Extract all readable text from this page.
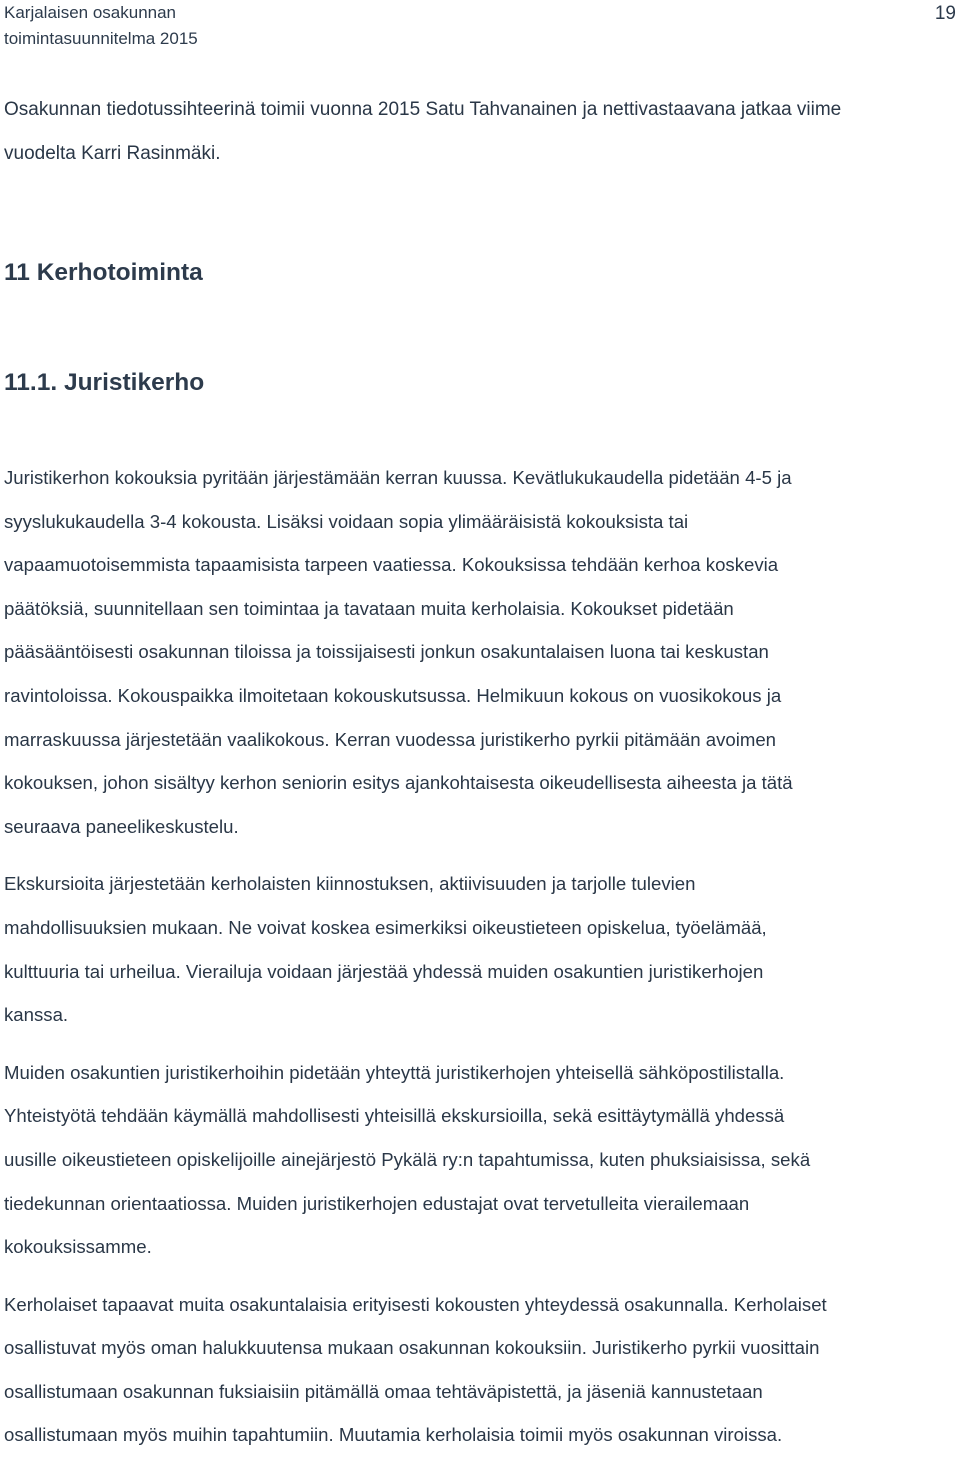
Karjalaisen osakunnan
toimintasuunnitelma 2015
19
Osakunnan tiedotussihteerinä toimii vuonna 2015 Satu Tahvanainen ja nettivastaavana jatkaa viime
vuodelta Karri Rasinmäki.
11 Kerhotoiminta
11.1. Juristikerho
Juristikerhon kokouksia pyritään järjestämään kerran kuussa. Kevätlukukaudella pidetään 4-5 ja
syyslukukaudella 3-4 kokousta. Lisäksi voidaan sopia ylimääräisistä kokouksista tai
vapaamuotoisemmista tapaamisista tarpeen vaatiessa. Kokouksissa tehdään kerhoa koskevia
päätöksiä, suunnitellaan sen toimintaa ja tavataan muita kerholaisia. Kokoukset pidetään
pääsääntöisesti osakunnan tiloissa ja toissijaisesti jonkun osakuntalaisen luona tai keskustan
ravintoloissa. Kokouspaikka ilmoitetaan kokouskutsussa. Helmikuun kokous on vuosikokous ja
marraskuussa järjestetään vaalikokous. Kerran vuodessa juristikerho pyrkii pitämään avoimen
kokouksen, johon sisältyy kerhon seniorin esitys ajankohtaisesta oikeudellisesta aiheesta ja tätä
seuraava paneelikeskustelu.
Ekskursioita järjestetään kerholaisten kiinnostuksen, aktiivisuuden ja tarjolle tulevien
mahdollisuuksien mukaan. Ne voivat koskea esimerkiksi oikeustieteen opiskelua, työelämää,
kulttuuria tai urheilua. Vierailuja voidaan järjestää yhdessä muiden osakuntien juristikerhojen
kanssa.
Muiden osakuntien juristikerhoihin pidetään yhteyttä juristikerhojen yhteisellä sähköpostilistalla.
Yhteistyötä tehdään käymällä mahdollisesti yhteisillä ekskursioilla, sekä esittäytymällä yhdessä
uusille oikeustieteen opiskelijoille ainejärjestö Pykälä ry:n tapahtumissa, kuten phuksiaisissa, sekä
tiedekunnan orientaatiossa. Muiden juristikerhojen edustajat ovat tervetulleita vierailemaan
kokouksissamme.
Kerholaiset tapaavat muita osakuntalaisia erityisesti kokousten yhteydessä osakunnalla. Kerholaiset
osallistuvat myös oman halukkuutensa mukaan osakunnan kokouksiin. Juristikerho pyrkii vuosittain
osallistumaan osakunnan fuksiaisiin pitämällä omaa tehtäväpistettä, ja jäseniä kannustetaan
osallistumaan myös muihin tapahtumiin. Muutamia kerholaisia toimii myös osakunnan viroissa.
